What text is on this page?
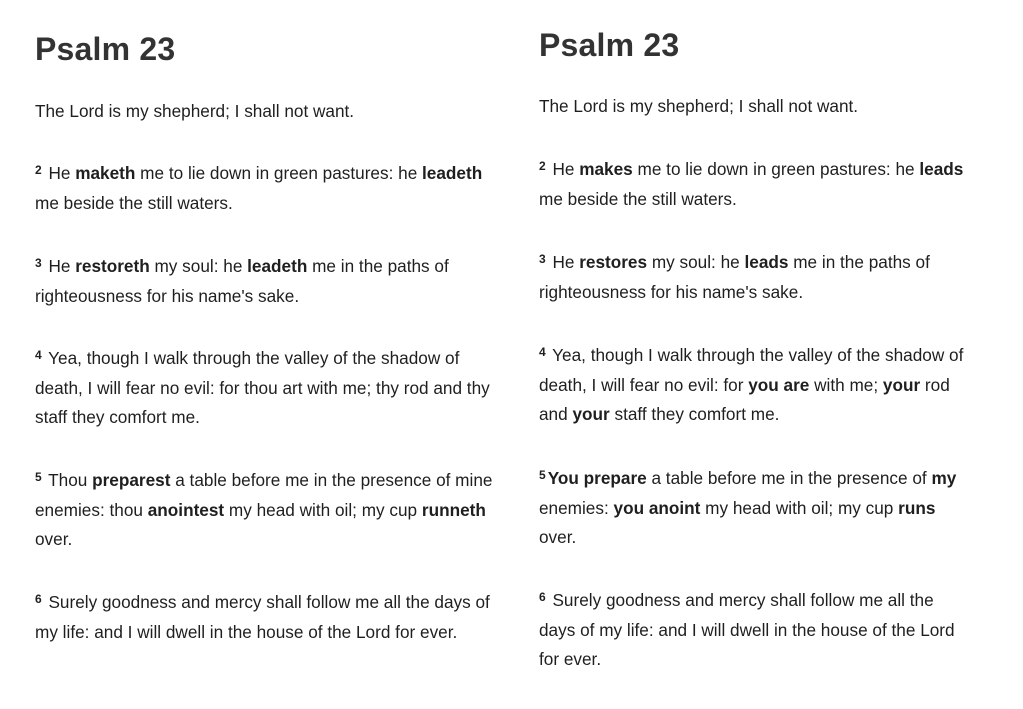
Psalm 23

The Lord is my shepherd; I shall not want.

$^2$ He maketh me to lie down in green pastures: he leadeth me beside the still waters.

$^3$ He restoreth my soul: he leadeth me in the paths of righteousness for his name's sake.

$^4$ Yea, though I walk through the valley of the shadow of death, I will fear no evil: for thou art with me; thy rod and thy staff they comfort me.

$^5$ Thou preparest a table before me in the presence of mine enemies: thou anointest my head with oil; my cup runneth over.

$^6$ Surely goodness and mercy shall follow me all the days of my life: and I will dwell in the house of the Lord for ever.

Psalm 23

The Lord is my shepherd; I shall not want.

$^2$ He makes me to lie down in green pastures: he leads me beside the still waters.

$^3$ He restores my soul: he leads me in the paths of righteousness for his name's sake.

$^4$ Yea, though I walk through the valley of the shadow of death, I will fear no evil: for you are with me; your rod and your staff they comfort me.

$^5$ You prepare a table before me in the presence of my enemies: you anoint my head with oil; my cup runs over.

$^6$ Surely goodness and mercy shall follow me all the days of my life: and I will dwell in the house of the Lord for ever.
